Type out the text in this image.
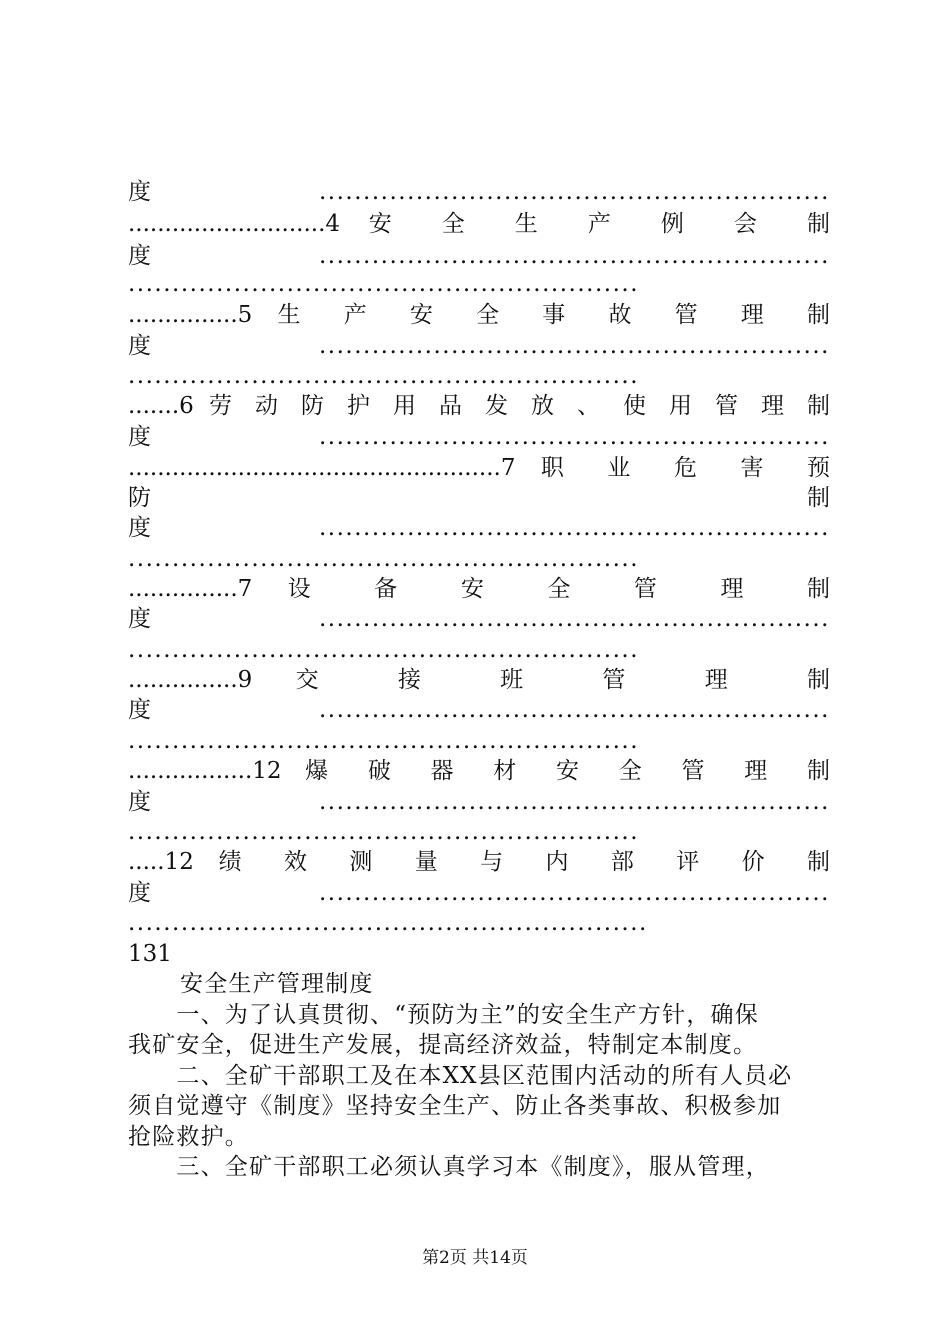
度..........................................................
...........................4 安 全 生 产 例 会 制
度..........................................................
..........................................................
...............5 生 产 安 全 事 故 管 理 制
度..........................................................
..........................................................
.......6 劳 动 防 护 用 品 发 放 、 使 用 管 理 制
度..........................................................
...................................................7 职 业 危 害 预
防 制
度..........................................................
..........................................................
...............7 设 备 安 全 管 理 制
度..........................................................
..........................................................
...............9 交 接 班 管 理 制
度..........................................................
..........................................................
.................12 爆 破 器 材 安 全 管 理 制
度..........................................................
..........................................................
.....12 绩 效 测 量 与 内 部 评 价 制
度..........................................................
...........................................................
131
安全生产管理制度
　　一、为了认真贯彻、“预防为主”的安全生产方针，确保
我矿安全，促进生产发展，提高经济效益，特制定本制度。
　　二、全矿干部职工及在本XX县区范围内活动的所有人员必
须自觉遵守《制度》坚持安全生产、防止各类事故、积极参加
抢险救护。
　　三、全矿干部职工必须认真学习本《制度》，服从管理，
第2页 共14页
